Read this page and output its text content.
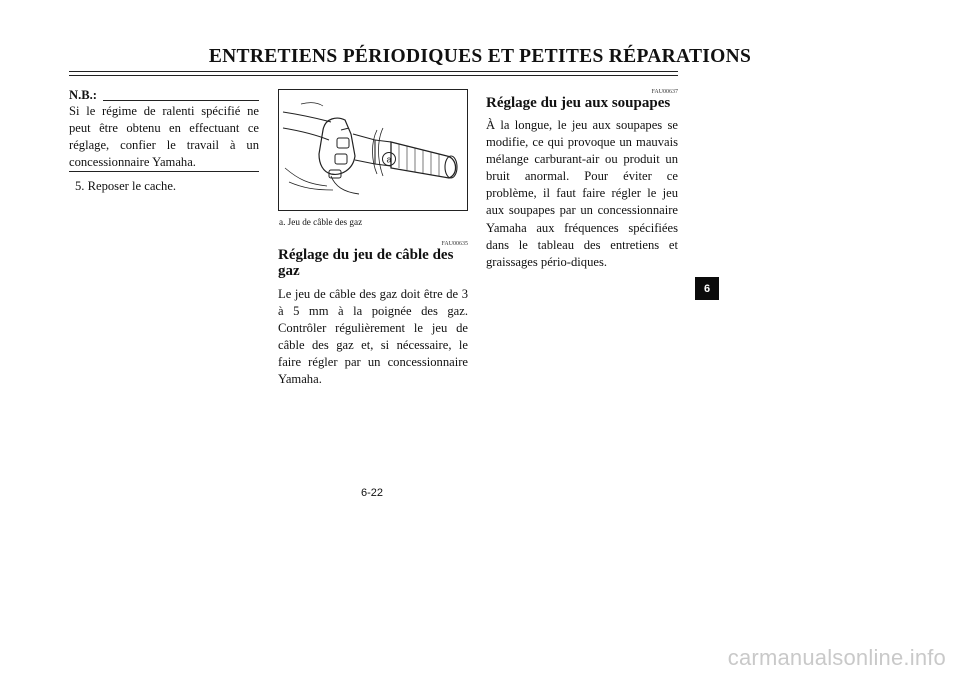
ENTRETIENS PÉRIODIQUES ET PETITES RÉPARATIONS
N.B.:
Si le régime de ralenti spécifié ne peut être obtenu en effectuant ce réglage, confier le travail à un concessionnaire Yamaha.
5. Reposer le cache.
a
a. Jeu de câble des gaz
FAU00635
Réglage du jeu de câble des gaz
Le jeu de câble des gaz doit être de 3 à 5 mm à la poignée des gaz. Contrôler régulièrement le jeu de câble des gaz et, si nécessaire, le faire régler par un concessionnaire Yamaha.
FAU00637
Réglage du jeu aux soupapes
À la longue, le jeu aux soupapes se modifie, ce qui provoque un mauvais mélange carburant-air ou produit un bruit anormal. Pour éviter ce problème, il faut faire régler le jeu aux soupapes par un concessionnaire Yamaha aux fréquences spécifiées dans le tableau des entretiens et graissages pério-diques.
6-22
6
carmanualsonline.info
